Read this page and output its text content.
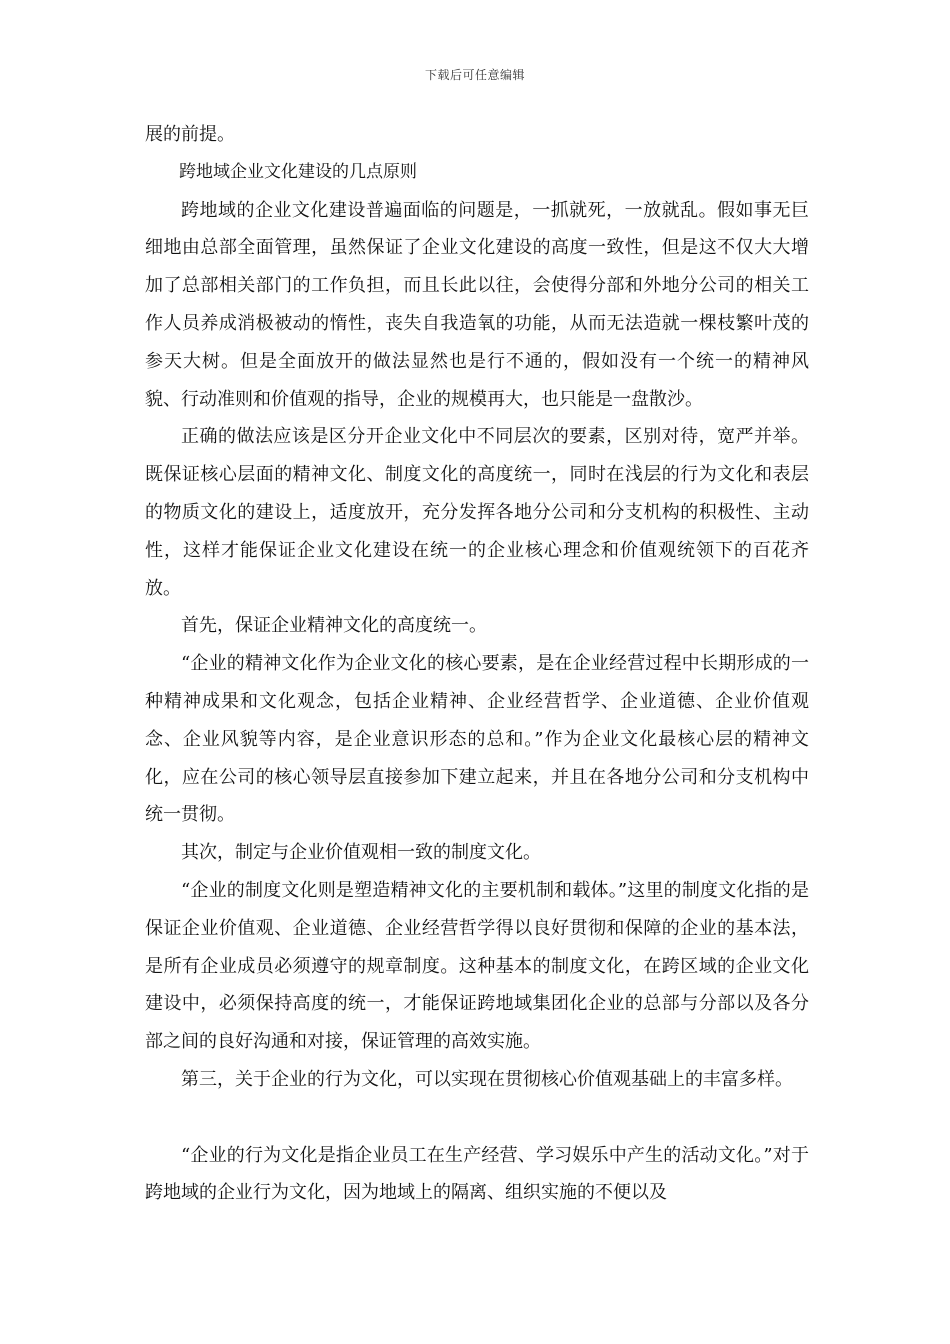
下载后可任意编辑

展的前提。

跨地域企业文化建设的几点原则

跨地域的企业文化建设普遍面临的问题是，一抓就死，一放就乱。假如事无巨细地由总部全面管理，虽然保证了企业文化建设的高度一致性，但是这不仅大大增加了总部相关部门的工作负担，而且长此以往，会使得分部和外地分公司的相关工作人员养成消极被动的惰性，丧失自我造氧的功能，从而无法造就一棵枝繁叶茂的参天大树。但是全面放开的做法显然也是行不通的，假如没有一个统一的精神风貌、行动准则和价值观的指导，企业的规模再大，也只能是一盘散沙。

正确的做法应该是区分开企业文化中不同层次的要素，区别对待，宽严并举。既保证核心层面的精神文化、制度文化的高度统一，同时在浅层的行为文化和表层的物质文化的建设上，适度放开，充分发挥各地分公司和分支机构的积极性、主动性，这样才能保证企业文化建设在统一的企业核心理念和价值观统领下的百花齐放。

首先，保证企业精神文化的高度统一。

“企业的精神文化作为企业文化的核心要素，是在企业经营过程中长期形成的一种精神成果和文化观念，包括企业精神、企业经营哲学、企业道德、企业价值观念、企业风貌等内容，是企业意识形态的总和。”作为企业文化最核心层的精神文化，应在公司的核心领导层直接参加下建立起来，并且在各地分公司和分支机构中统一贯彻。

其次，制定与企业价值观相一致的制度文化。

“企业的制度文化则是塑造精神文化的主要机制和载体。”这里的制度文化指的是保证企业价值观、企业道德、企业经营哲学得以良好贯彻和保障的企业的基本法，是所有企业成员必须遵守的规章制度。这种基本的制度文化，在跨区域的企业文化建设中，必须保持高度的统一，才能保证跨地域集团化企业的总部与分部以及各分部之间的良好沟通和对接，保证管理的高效实施。

第三，关于企业的行为文化，可以实现在贯彻核心价值观基础上的丰富多样。

“企业的行为文化是指企业员工在生产经营、学习娱乐中产生的活动文化。”对于跨地域的企业行为文化，因为地域上的隔离、组织实施的不便以及
